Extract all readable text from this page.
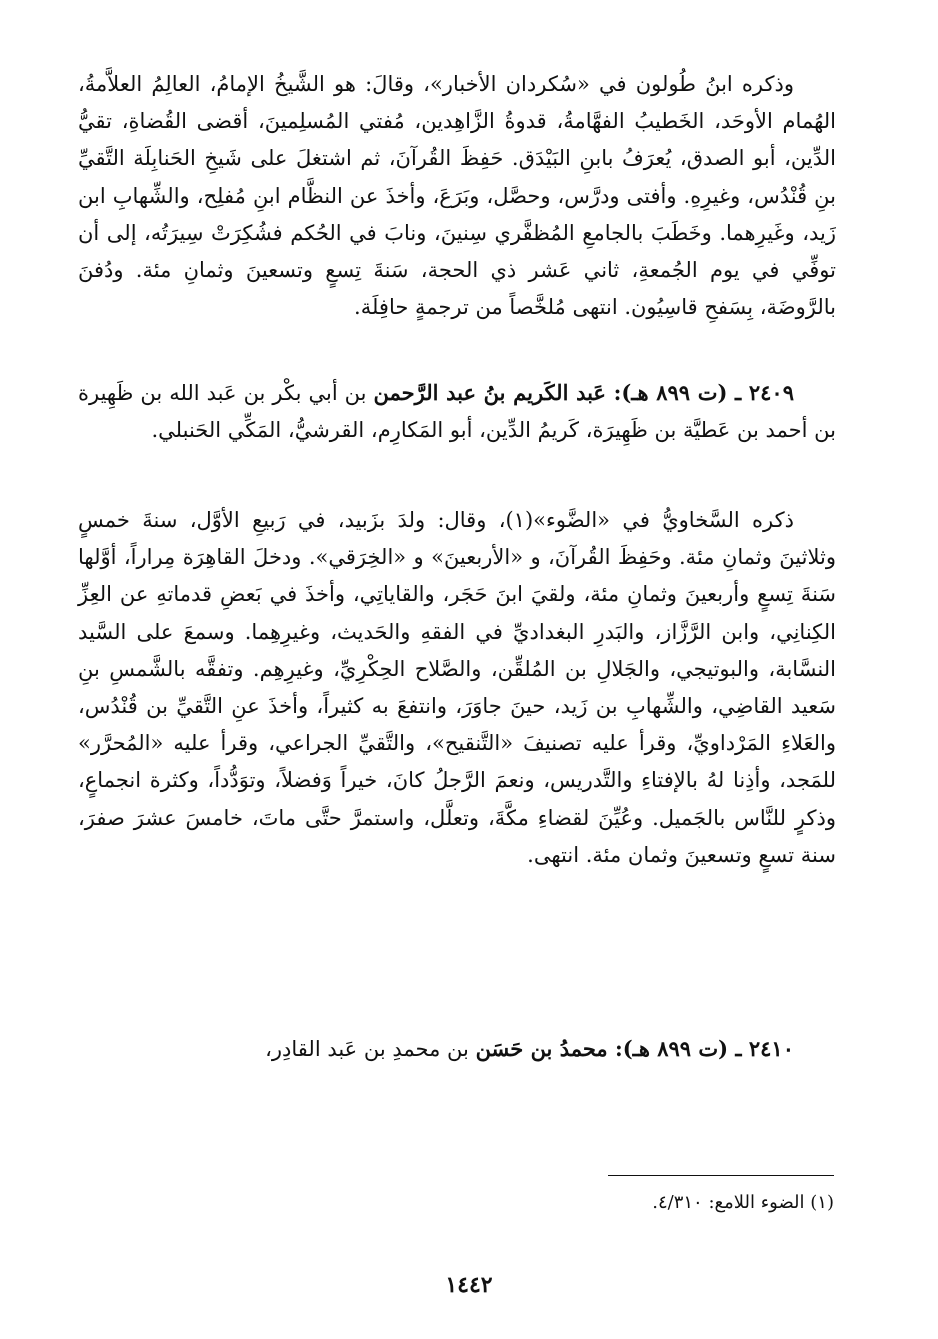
وذكره ابنُ طُولون في «سُكردان الأخبار»، وقالَ: هو الشَّيخُ الإمامُ، العالِمُ العلاَّمةُ، الهُمام الأوحَد، الخَطيبُ الفهَّامةُ، قدوةُ الزَّاهِدين، مُفتي المُسلِمينَ، أقضى القُضاةِ، تقيُّ الدِّين، أبو الصدق، يُعرَفُ بابنِ البَيْدَق. حَفِظَ القُرآنَ، ثم اشتغلَ على شَيخِ الحَنابِلَة التَّقيِّ بنِ قُنْدُس، وغيرِهِ. وأفتى ودرَّس، وحصَّل، وبَرَعَ، وأخذَ عن النظَّام ابنِ مُفلِح، والشِّهابِ ابن زَيد، وغَيرِهما. وخَطَبَ بالجامعِ المُظفَّري سِنينَ، ونابَ في الحُكم فشُكِرَتْ سِيرَتُه، إلى أن توفِّي في يوم الجُمعةِ، ثاني عَشر ذي الحجة، سَنةَ تِسعٍ وتسعينَ وثمانِ مئة. ودُفنَ بالرَّوضَة، بِسَفحِ قاسِيُون. انتهى مُلخَّصاً من ترجمةٍ حافِلَة.

٢٤٠٩ ـ (ت ٨٩٩ هـ): عَبد الكَريم بنُ عبد الرَّحمن بن أبي بكْر بن عَبد الله بن ظَهِيرة بن أحمد بن عَطيَّة بن ظَهِيرَة، كَريمُ الدِّين، أبو المَكارِم، القرشيُّ، المَكِّي الحَنبلي.

ذكره السَّخاويُّ في «الضَّوء»(١)، وقال: ولدَ بزَبيد، في رَبيعِ الأوَّل، سنةَ خمسٍ وثلاثينَ وثمانِ مئة. وحَفِظَ القُرآنَ، و «الأربعينَ» و «الخِرَقي». ودخلَ القاهِرَة مِراراً، أوَّلها سَنةَ تِسعٍ وأربعينَ وثمانِ مئة، ولقيَ ابنَ حَجَر، والقاياتِي، وأخذَ في بَعضِ قدماتهِ عن العِزِّ الكِنانِي، وابن الرَّزَّاز، والبَدرِ البغداديِّ في الفقهِ والحَديث، وغيرِهِما. وسمعَ على السَّيد النسَّابة، والبوتيجي، والجَلالِ بن المُلقِّن، والصَّلاح الحِكْرِيِّ، وغيرِهِم. وتفقَّه بالشَّمسِ بنِ سَعيد القاضِي، والشِّهابِ بن زَيد، حينَ جاوَرَ، وانتفعَ به كثيراً، وأخذَ عنِ التَّقيِّ بن قُنْدُس، والعَلاءِ المَرْداويِّ، وقرأ عليه تصنيفَ «التَّنقيح»، والتَّقيِّ الجراعي، وقرأ عليه «المُحرَّر» للمَجد، وأذِنا لهُ بالإفتاءِ والتَّدريس، ونعمَ الرَّجلُ كانَ، خيراً وَفضلاً، وتوَدُّداً، وكثرة انجماعٍ، وذكرٍ للنَّاس بالجَميل. وعُيِّنَ لقضاءِ مكَّةَ، وتعلَّل، واستمرَّ حتَّى ماتَ، خامسَ عشرَ صفرَ، سنة تسعٍ وتسعينَ وثمان مئة. انتهى.

٢٤١٠ ـ (ت ٨٩٩ هـ): محمدُ بن حَسَن بن محمدِ بن عَبد القادِر،

(١) الضوء اللامع: ٤/٣١٠.
١٤٤٢
